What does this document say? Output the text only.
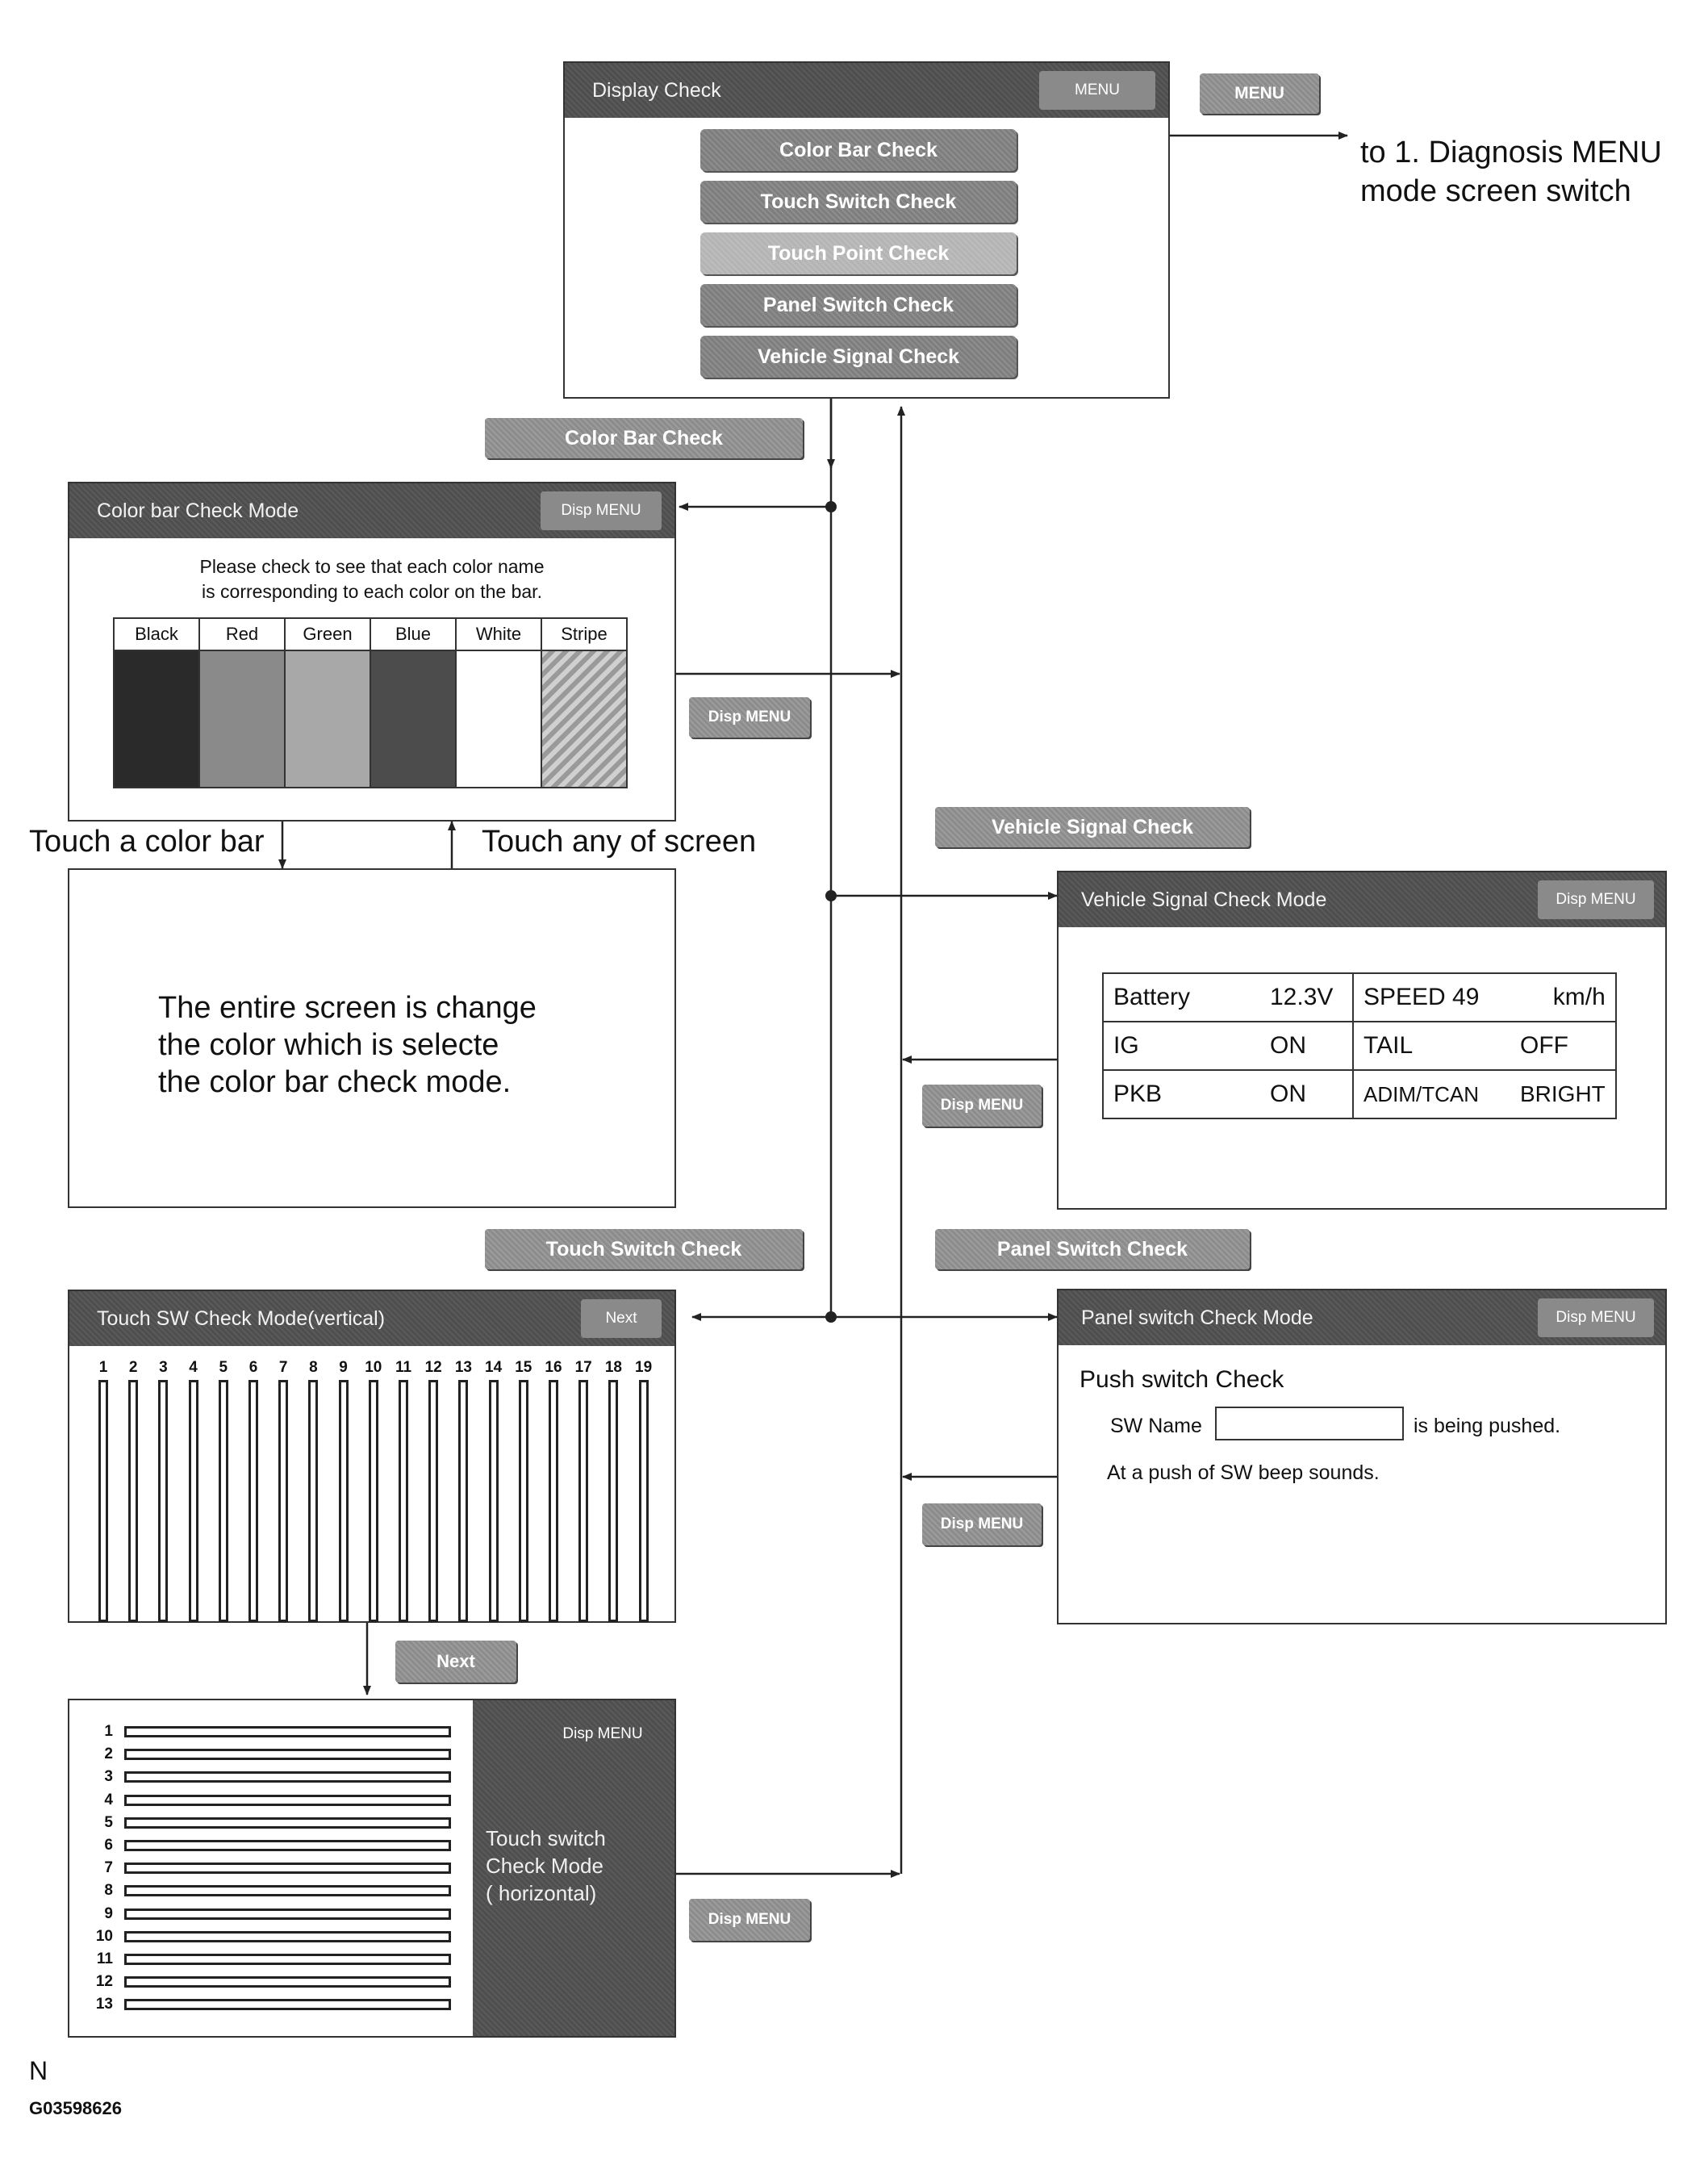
Display Check	MENU
Color Bar Check
Touch Switch Check
Touch Point Check
Panel Switch Check
Vehicle Signal Check
MENU
to 1. Diagnosis MENU
mode screen switch
Color Bar Check
Color bar Check Mode	Disp MENU
Please check to see that each color name
is corresponding to each color on the bar.
Black	Red	Green	Blue	White	Stripe

Disp MENU
Touch a color bar	Touch any of screen
The entire screen is change
the color which is selecte
the color bar check mode.
Vehicle Signal Check
Vehicle Signal Check Mode	Disp MENU
Battery	12.3V	SPEED 49	km/h
IG	ON	TAIL	OFF
PKB	ON	ADIM/TCAN	BRIGHT
Disp MENU
Touch Switch Check	Panel Switch Check
Touch SW Check Mode(vertical)	Next
1	2	3	4	5	6	7	8	9	10 11 12 13 14 15 16 17 18 19
Panel switch Check Mode	Disp MENU
Push switch Check
SW Name	is being pushed.
At a push of SW beep sounds.
Disp MENU
Next
1
2
3
4
5
6
7
8
9
10
11
12
13
Disp MENU
Touch switch
Check Mode
( horizontal)
Disp MENU
N
G03598626
